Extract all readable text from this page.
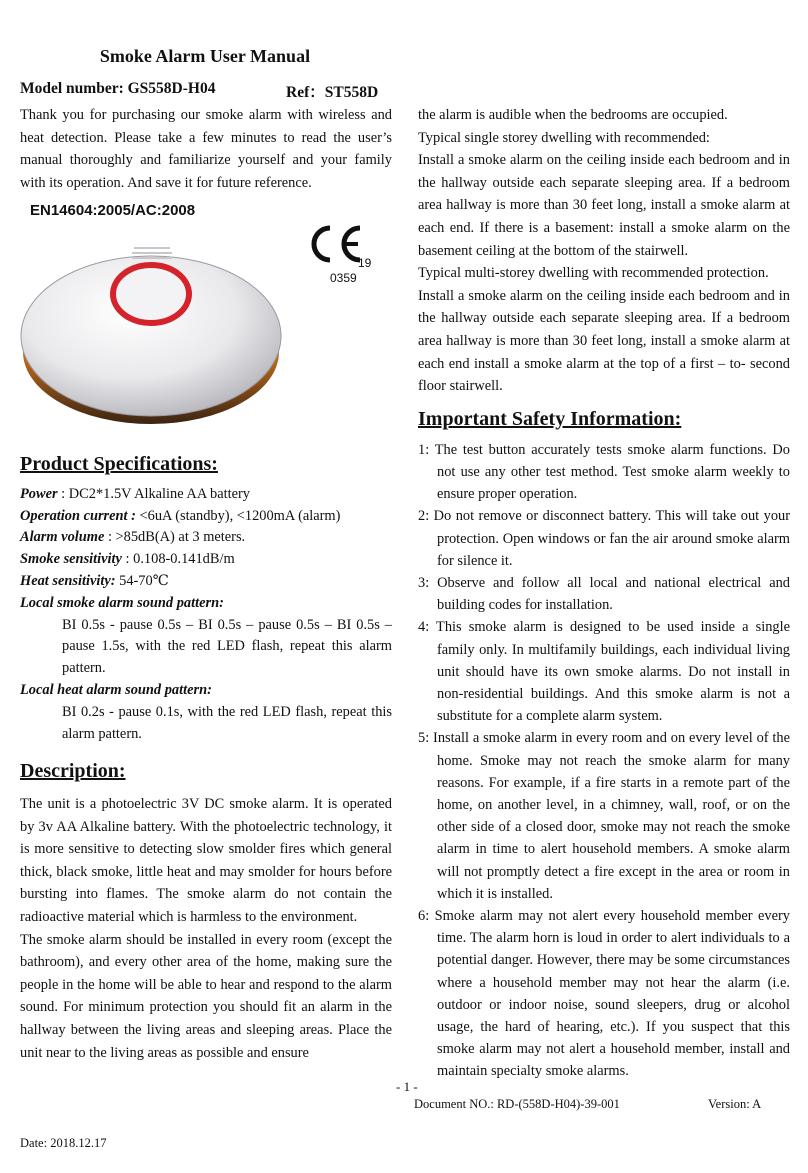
Smoke Alarm User Manual
Model number: GS558D-H04	Ref：ST558D

Thank you for purchasing our smoke alarm with wireless and heat detection. Please take a few minutes to read the user’s manual thoroughly and familiarize yourself and your family with its operation. And save it for future reference.

EN14604:2005/AC:2008
19
0359

Product Specifications:

Power : DC2*1.5V Alkaline AA battery

Operation current : <6uA (standby), <1200mA (alarm)

Alarm volume : >85dB(A) at 3 meters.

Smoke sensitivity : 0.108-0.141dB/m

Heat sensitivity: 54-70℃

Local smoke alarm sound pattern:

BI 0.5s - pause 0.5s – BI 0.5s – pause 0.5s – BI 0.5s – pause 1.5s, with the red LED flash, repeat this alarm pattern.

Local heat alarm sound pattern:

BI 0.2s - pause 0.1s, with the red LED flash, repeat this alarm pattern.

Description:

The unit is a photoelectric 3V DC smoke alarm. It is operated by 3v AA Alkaline battery. With the photoelectric technology, it is more sensitive to detecting slow smolder fires which general thick, black smoke, little heat and may smolder for hours before bursting into flames. The smoke alarm do not contain the radioactive material which is harmless to the environment.

The smoke alarm should be installed in every room (except the bathroom), and every other area of the home, making sure the people in the home will be able to hear and respond to the alarm sound. For minimum protection you should fit an alarm in the hallway between the living areas and sleeping areas. Place the unit near to the living areas as possible and ensure

the alarm is audible when the bedrooms are occupied.

Typical single storey dwelling with recommended:

Install a smoke alarm on the ceiling inside each bedroom and in the hallway outside each separate sleeping area. If a bedroom area hallway is more than 30 feet long, install a smoke alarm at each end. If there is a basement: install a smoke alarm on the basement ceiling at the bottom of the stairwell.

Typical multi-storey dwelling with recommended protection.

Install a smoke alarm on the ceiling inside each bedroom and in the hallway outside each separate sleeping area. If a bedroom area hallway is more than 30 feet long, install a smoke alarm at each end install a smoke alarm at the top of a first – to- second floor stairwell.

Important Safety Information:

1: The test button accurately tests smoke alarm functions. Do not use any other test method. Test smoke alarm weekly to ensure proper operation.
2: Do not remove or disconnect battery. This will take out your protection. Open windows or fan the air around smoke alarm for silence it.
3: Observe and follow all local and national electrical and building codes for installation.
4: This smoke alarm is designed to be used inside a single family only. In multifamily buildings, each individual living unit should have its own smoke alarms. Do not install in non-residential buildings. And this smoke alarm is not a substitute for a complete alarm system.
5: Install a smoke alarm in every room and on every level of the home. Smoke may not reach the smoke alarm for many reasons. For example, if a fire starts in a remote part of the home, on another level, in a chimney, wall, roof, or on the other side of a closed door, smoke may not reach the smoke alarm in time to alert household members. A smoke alarm will not promptly detect a fire except in the area or room in which it is installed.
6: Smoke alarm may not alert every household member every time. The alarm horn is loud in order to alert individuals to a potential danger. However, there may be some circumstances where a household member may not hear the alarm (i.e. outdoor or indoor noise, sound sleepers, drug or alcohol usage, the hard of hearing, etc.). If you suspect that this smoke alarm may not alert a household member, install and maintain specialty smoke alarms.
- 1 -
Document NO.: RD-(558D-H04)-39-001	Version: A
Date: 2018.12.17
